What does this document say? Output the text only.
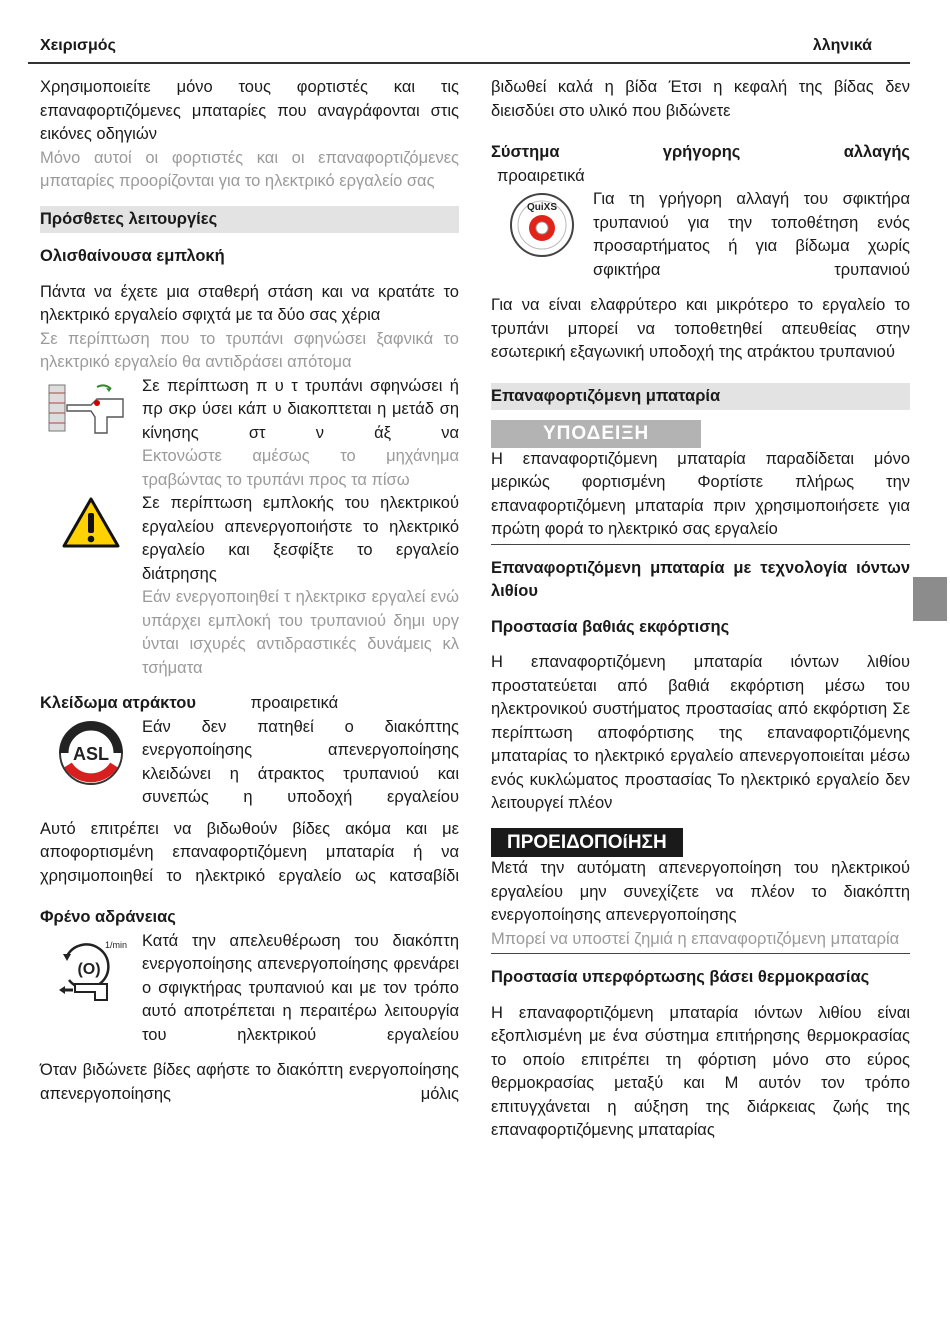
Χειρισμός	λληνικά

Χρησιμοποιείτε μόνο τους φορτιστές και τις επαναφορτιζόμενες μπαταρίες που αναγράφονται στις εικόνες οδηγιών

Μόνο αυτοί οι φορτιστές και οι επαναφορτιζόμενες μπαταρίες προορίζονται για το ηλεκτρικό εργαλείο σας

Πρόσθετες λειτουργίες

Ολισθαίνουσα εμπλοκή

Πάντα να έχετε μια σταθερή στάση και να κρατάτε το ηλεκτρικό εργαλείο σφιχτά με τα δύο σας χέρια

Σε περίπτωση που το τρυπάνι σφηνώσει ξαφνικά το ηλεκτρικό εργαλείο θα αντιδράσει απότομα

Σε περίπτωση π υ τ τρυπάνι σφηνώσει ή πρ σκρ ύσει κάπ υ διακοπτεται η μετάδ ση κίνησης στ ν άξ να

Εκτονώστε αμέσως το μηχάνημα τραβώντας το τρυπάνι προς τα πίσω

Σε περίπτωση εμπλοκής του ηλεκτρικού εργαλείου απενεργοποιήστε το ηλεκτρικό εργαλείο και ξεσφίξτε το εργαλείο διάτρησης

Εάν ενεργοποιηθεί τ ηλεκτρικσ εργαλεί ενώ υπάρχει εμπλοκή του τρυπανιού δημι υργ ύνται ισχυρές αντιδραστικές δυνάμεις κλ τσήματα

Κλείδωμα ατράκτου	προαιρετικά

ASL

Εάν δεν πατηθεί ο διακόπτης ενεργοποίησης απενεργοποίησης κλειδώνει η άτρακτος τρυπανιού και συνεπώς η υποδοχή εργαλείου

Αυτό επιτρέπει να βιδωθούν βίδες ακόμα και με αποφορτισμένη επαναφορτιζόμενη μπαταρία ή να χρησιμοποιηθεί το ηλεκτρικό εργαλείο ως κατσαβίδι

Φρένο αδράνειας

(O)
1/min Κατά την απελευθέρωση του διακόπτη ενεργοποίησης απενεργοποίησης φρενάρει ο σφιγκτήρας τρυπανιού και με τον τρόπο αυτό αποτρέπεται η περαιτέρω λειτουργία του ηλεκτρικού εργαλείου

Όταν βιδώνετε βίδες αφήστε το διακόπτη ενεργοποίησης απενεργοποίησης μόλις

βιδωθεί καλά η βίδα Έτσι η κεφαλή της βίδας δεν διεισδύει στο υλικό που βιδώνετε

Σύστημα γρήγορης αλλαγής

προαιρετικά

QuiXS Για τη γρήγορη αλλαγή του σφικτήρα τρυπανιού για την τοποθέτηση ενός προσαρτήματος ή για βίδωμα χωρίς σφικτήρα τρυπανιού

Για να είναι ελαφρύτερο και μικρότερο το εργαλείο το τρυπάνι μπορεί να τοποθετηθεί απευθείας στην εσωτερική εξαγωνική υποδοχή της ατράκτου τρυπανιού

Επαναφορτιζόμενη μπαταρία
ΥΠΟΔΕΙΞΗ

Η επαναφορτιζόμενη μπαταρία παραδίδεται μόνο μερικώς φορτισμένη Φορτίστε πλήρως την επαναφορτιζόμενη μπαταρία πριν χρησιμοποιήσετε για πρώτη φορά το ηλεκτρικό σας εργαλείο

Επαναφορτιζόμενη μπαταρία με τεχνολογία ιόντων λιθίου

Προστασία βαθιάς εκφόρτισης

Η επαναφορτιζόμενη μπαταρία ιόντων λιθίου προστατεύεται από βαθιά εκφόρτιση μέσω του ηλεκτρονικού συστήματος προστασίας από εκφόρτιση Σε περίπτωση αποφόρτισης της επαναφορτιζόμενης μπαταρίας το ηλεκτρικό εργαλείο απενεργοποιείται μέσω ενός κυκλώματος προστασίας Το ηλεκτρικό εργαλείο δεν λειτουργεί πλέον

ΠΡΟΕΙΔΟΠΟίΗΣΗ

Μετά την αυτόματη απενεργοποίηση του ηλεκτρικού εργαλείου μην συνεχίζετε να πλέον το διακόπτη ενεργοποίησης απενεργοποίησης

Μπορεί να υποστεί ζημιά η επαναφορτιζόμενη μπαταρία

Προστασία υπερφόρτωσης βάσει θερμοκρασίας

Η επαναφορτιζόμενη μπαταρία ιόντων λιθίου είναι εξοπλισμένη με ένα σύστημα επιτήρησης θερμοκρασίας το οποίο επιτρέπει τη φόρτιση μόνο στο εύρος θερμοκρασίας μεταξύ και Μ αυτόν τον τρόπο επιτυγχάνεται η αύξηση της διάρκειας ζωής της επαναφορτιζόμενης μπαταρίας
